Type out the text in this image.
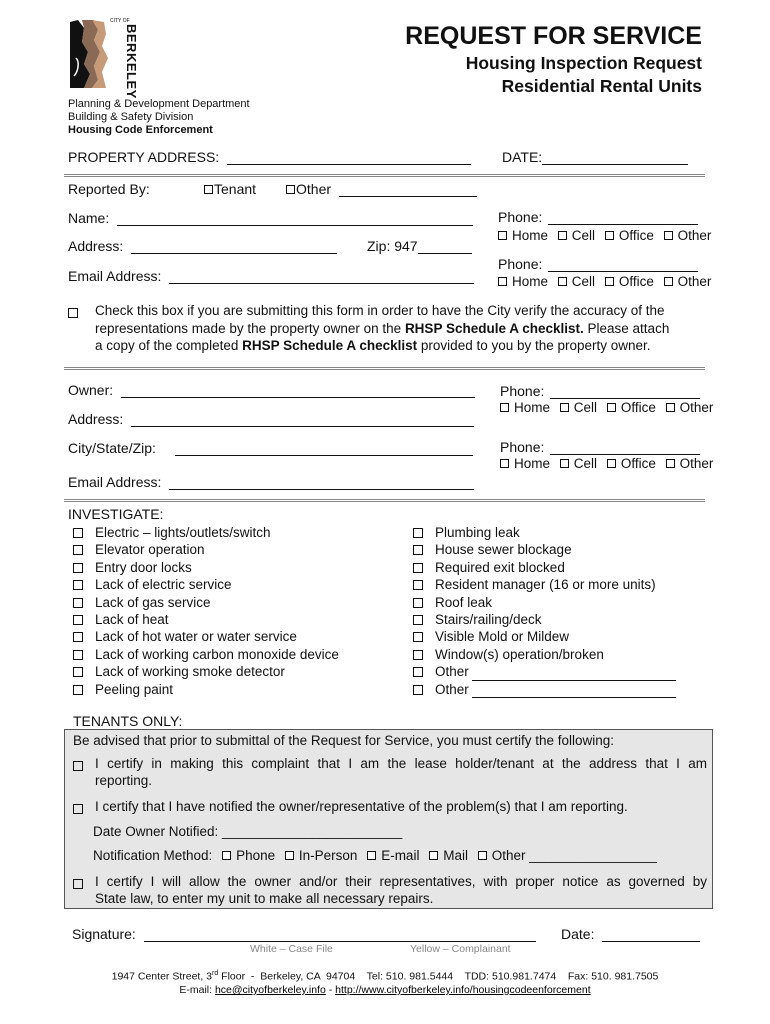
CITY OF
BERKELEY	REQUEST FOR SERVICE
Housing Inspection Request
Residential Rental Units
Planning & Development Department
Building & Safety Division
Housing Code Enforcement
PROPERTY ADDRESS:	DATE:
Reported By:	Tenant	Other
Name:
Address:	Zip: 947
Email Address:
Phone:
Home Cell Office Other
Phone:
Home Cell Office Other
Check this box if you are submitting this form in order to have the City verify the accuracy of the
representations made by the property owner on the RHSP Schedule A checklist. Please attach
a copy of the completed RHSP Schedule A checklist provided to you by the property owner.
Owner:
Address:
City/State/Zip:
Email Address:
Phone:
Home Cell Office Other
Phone:
Home Cell Office Other
INVESTIGATE:
Electric – lights/outlets/switch
Elevator operation
Entry door locks
Lack of electric service
Lack of gas service
Lack of heat
Lack of hot water or water service
Lack of working carbon monoxide device
Lack of working smoke detector
Peeling paint
Plumbing leak
House sewer blockage
Required exit blocked
Resident manager (16 or more units)
Roof leak
Stairs/railing/deck
Visible Mold or Mildew
Window(s) operation/broken
Other
Other
TENANTS ONLY:
Be advised that prior to submittal of the Request for Service, you must certify the following:
I certify in making this complaint that I am the lease holder/tenant at the address that I am
reporting.
I certify that I have notified the owner/representative of the problem(s) that I am reporting.
Date Owner Notified: ________________________
Notification Method: Phone In-Person E-mail Mail Other _________________
I certify I will allow the owner and/or their representatives, with proper notice as governed by
State law, to enter my unit to make all necessary repairs.
Signature:	Date:
White – Case File	Yellow – Complainant
1947 Center Street, 3rd Floor  -  Berkeley, CA  94704    Tel: 510. 981.5444    TDD: 510.981.7474    Fax: 510. 981.7505
E-mail: hce@cityofberkeley.info - http://www.cityofberkeley.info/housingcodeenforcement
